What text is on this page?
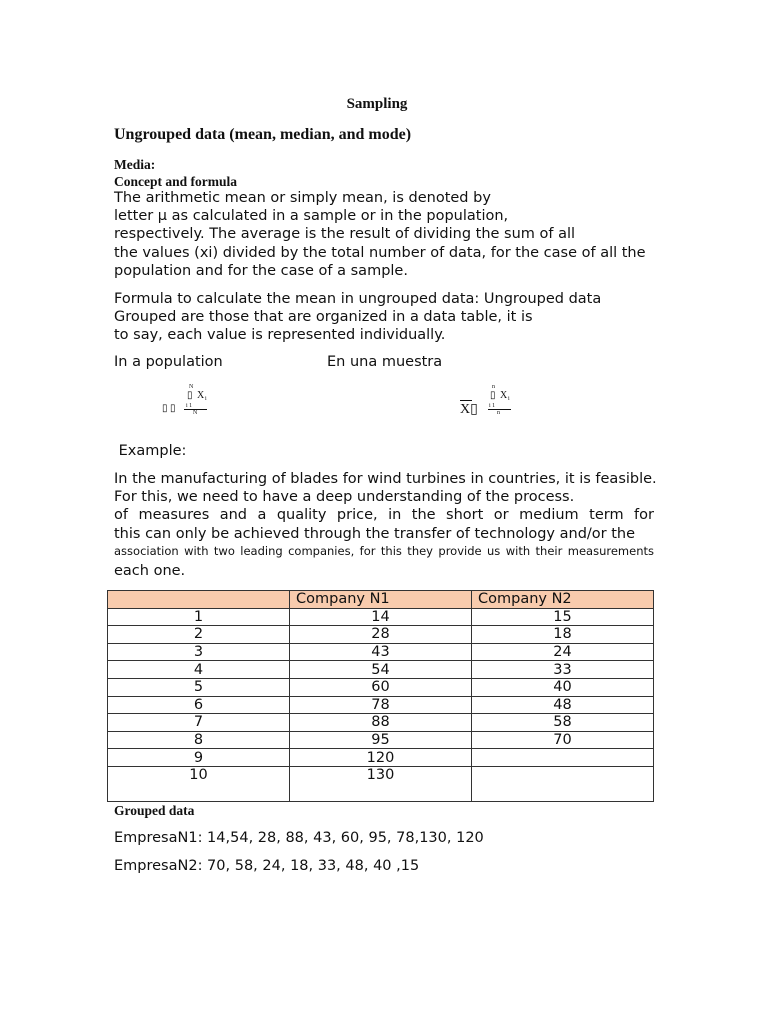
Sampling
Ungrouped data (mean, median, and mode)
Media:
Concept and formula
The arithmetic mean or simply mean, is denoted by
letter μ as calculated in a sample or in the population,
respectively. The average is the result of dividing the sum of all
the values (xi) divided by the total number of data, for the case of all the
population and for the case of a sample.
Formula to calculate the mean in ungrouped data: Ungrouped data
Grouped are those that are organized in a data table, it is
to say, each value is represented individually.
In a population	En una muestra
N
▯ X i
▯ ▯ i 1
N
n
▯ X i
X▯ i 1
n
Example:
In the manufacturing of blades for wind turbines in countries, it is feasible.
For this, we need to have a deep understanding of the process.
of measures and a quality price, in the short or medium term for
this can only be achieved through the transfer of technology and/or the
association with two leading companies, for this they provide us with their measurements
each one.
	Company N1	Company N2
1	14	15
2	28	18
3	43	24
4	54	33
5	60	40
6	78	48
7	88	58
8	95	70
9	120	
10	130	
Grouped data
EmpresaN1: 14,54, 28, 88, 43, 60, 95, 78,130, 120
EmpresaN2: 70, 58, 24, 18, 33, 48, 40 ,15
